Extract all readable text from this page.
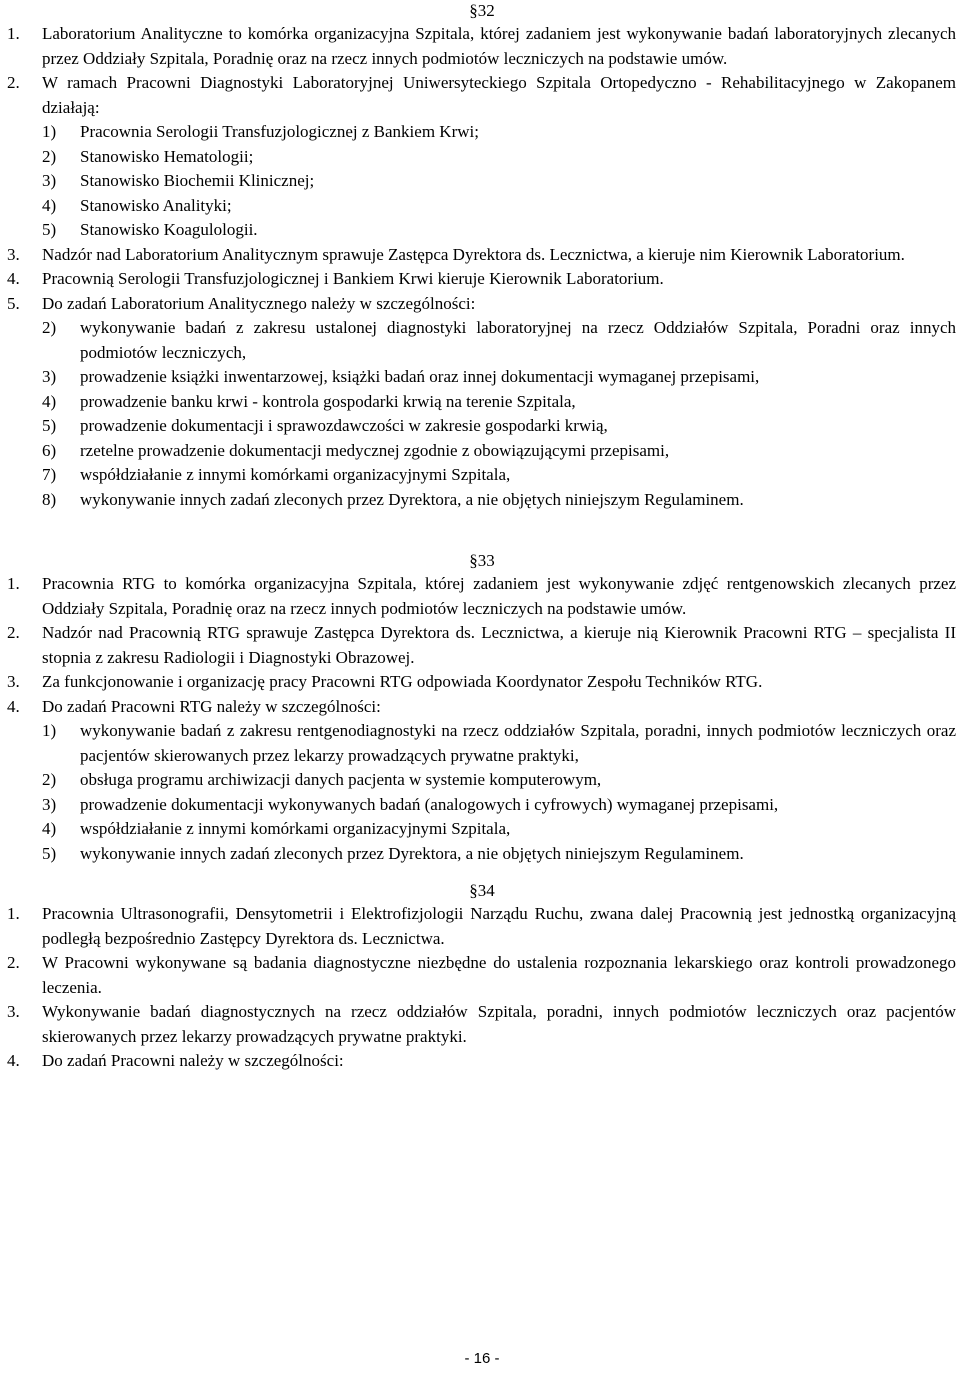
§32
1. Laboratorium Analityczne to komórka organizacyjna Szpitala, której zadaniem jest wykonywanie badań laboratoryjnych zlecanych przez Oddziały Szpitala, Poradnię oraz na rzecz innych podmiotów leczniczych na podstawie umów.
2. W ramach Pracowni Diagnostyki Laboratoryjnej Uniwersyteckiego Szpitala Ortopedyczno - Rehabilitacyjnego w Zakopanem działają:
1)	Pracownia Serologii Transfuzjologicznej z Bankiem Krwi;
2)	Stanowisko Hematologii;
3)	Stanowisko Biochemii Klinicznej;
4)	Stanowisko Analityki;
5)	Stanowisko Koagulologii.
3. Nadzór nad Laboratorium Analitycznym sprawuje Zastępca Dyrektora ds. Lecznictwa, a kieruje nim Kierownik Laboratorium.
4. Pracownią Serologii Transfuzjologicznej i Bankiem Krwi kieruje Kierownik Laboratorium.
5. Do zadań Laboratorium Analitycznego należy w szczególności:
2) wykonywanie badań z zakresu ustalonej diagnostyki laboratoryjnej na rzecz Oddziałów Szpitala, Poradni oraz innych podmiotów leczniczych,
3) prowadzenie książki inwentarzowej, książki badań oraz innej dokumentacji wymaganej przepisami,
4) prowadzenie banku krwi - kontrola gospodarki krwią na terenie Szpitala,
5) prowadzenie dokumentacji i sprawozdawczości w zakresie gospodarki krwią,
6) rzetelne prowadzenie dokumentacji medycznej zgodnie z obowiązującymi przepisami,
7) współdziałanie z innymi komórkami organizacyjnymi Szpitala,
8) wykonywanie innych zadań zleconych przez Dyrektora, a nie objętych niniejszym Regulaminem.
§33
1. Pracownia RTG to komórka organizacyjna Szpitala, której zadaniem jest wykonywanie zdjęć rentgenowskich zlecanych przez Oddziały Szpitala, Poradnię oraz na rzecz innych podmiotów leczniczych na podstawie umów.
2. Nadzór nad Pracownią RTG sprawuje Zastępca Dyrektora ds. Lecznictwa, a kieruje nią Kierownik Pracowni RTG – specjalista II stopnia z zakresu Radiologii i Diagnostyki Obrazowej.
3. Za funkcjonowanie i organizację pracy Pracowni RTG odpowiada Koordynator Zespołu Techników RTG.
4. Do zadań Pracowni RTG należy w szczególności:
1) wykonywanie badań z zakresu rentgenodiagnostyki na rzecz oddziałów Szpitala, poradni, innych podmiotów leczniczych oraz pacjentów skierowanych przez lekarzy prowadzących prywatne praktyki,
2) obsługa programu archiwizacji danych pacjenta w systemie komputerowym,
3) prowadzenie dokumentacji wykonywanych badań (analogowych i cyfrowych) wymaganej przepisami,
4) współdziałanie z innymi komórkami organizacyjnymi Szpitala,
5) wykonywanie innych zadań zleconych przez Dyrektora, a nie objętych niniejszym Regulaminem.
§34
1. Pracownia Ultrasonografii, Densytometrii i Elektrofizjologii Narządu Ruchu, zwana dalej Pracownią jest jednostką organizacyjną podległą bezpośrednio Zastępcy Dyrektora ds. Lecznictwa.
2. W Pracowni wykonywane są badania diagnostyczne niezbędne do ustalenia rozpoznania lekarskiego oraz kontroli prowadzonego leczenia.
3. Wykonywanie badań diagnostycznych na rzecz oddziałów Szpitala, poradni, innych podmiotów leczniczych oraz pacjentów skierowanych przez lekarzy prowadzących prywatne praktyki.
4. Do zadań Pracowni należy w szczególności:
- 16 -
